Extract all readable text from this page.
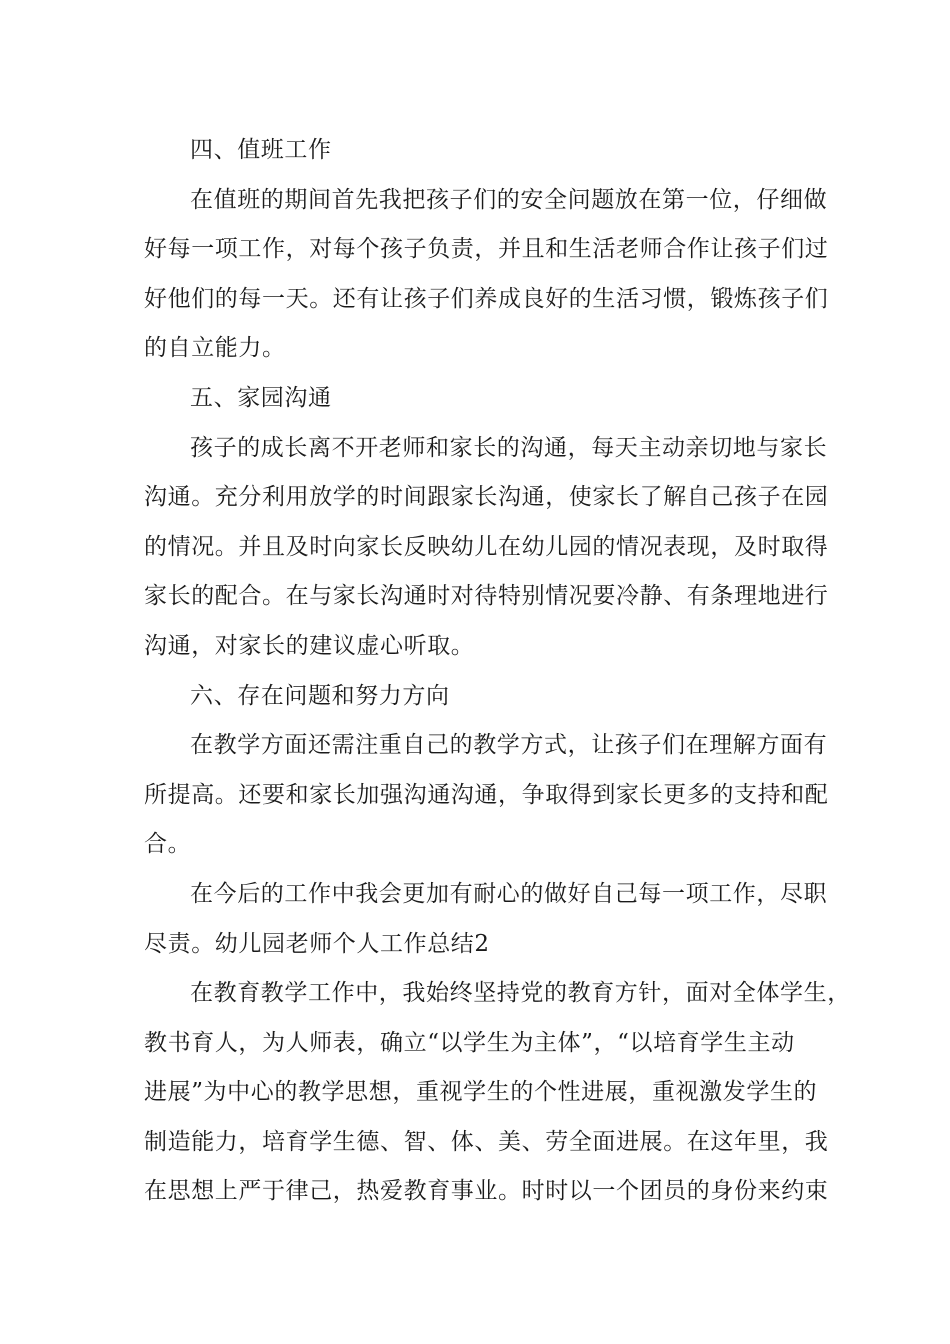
四、值班工作
在值班的期间首先我把孩子们的安全问题放在第一位，仔细做
好每一项工作，对每个孩子负责，并且和生活老师合作让孩子们过
好他们的每一天。还有让孩子们养成良好的生活习惯，锻炼孩子们
的自立能力。
五、家园沟通
孩子的成长离不开老师和家长的沟通，每天主动亲切地与家长
沟通。充分利用放学的时间跟家长沟通，使家长了解自己孩子在园
的情况。并且及时向家长反映幼儿在幼儿园的情况表现，及时取得
家长的配合。在与家长沟通时对待特别情况要冷静、有条理地进行
沟通，对家长的建议虚心听取。
六、存在问题和努力方向
在教学方面还需注重自己的教学方式，让孩子们在理解方面有
所提高。还要和家长加强沟通沟通，争取得到家长更多的支持和配
合。
在今后的工作中我会更加有耐心的做好自己每一项工作，尽职
尽责。幼儿园老师个人工作总结2
在教育教学工作中，我始终坚持党的教育方针，面对全体学生，
教书育人，为人师表，确立“以学生为主体”，“以培育学生主动
进展”为中心的教学思想，重视学生的个性进展，重视激发学生的
制造能力，培育学生德、智、体、美、劳全面进展。在这年里，我
在思想上严于律己，热爱教育事业。时时以一个团员的身份来约束
